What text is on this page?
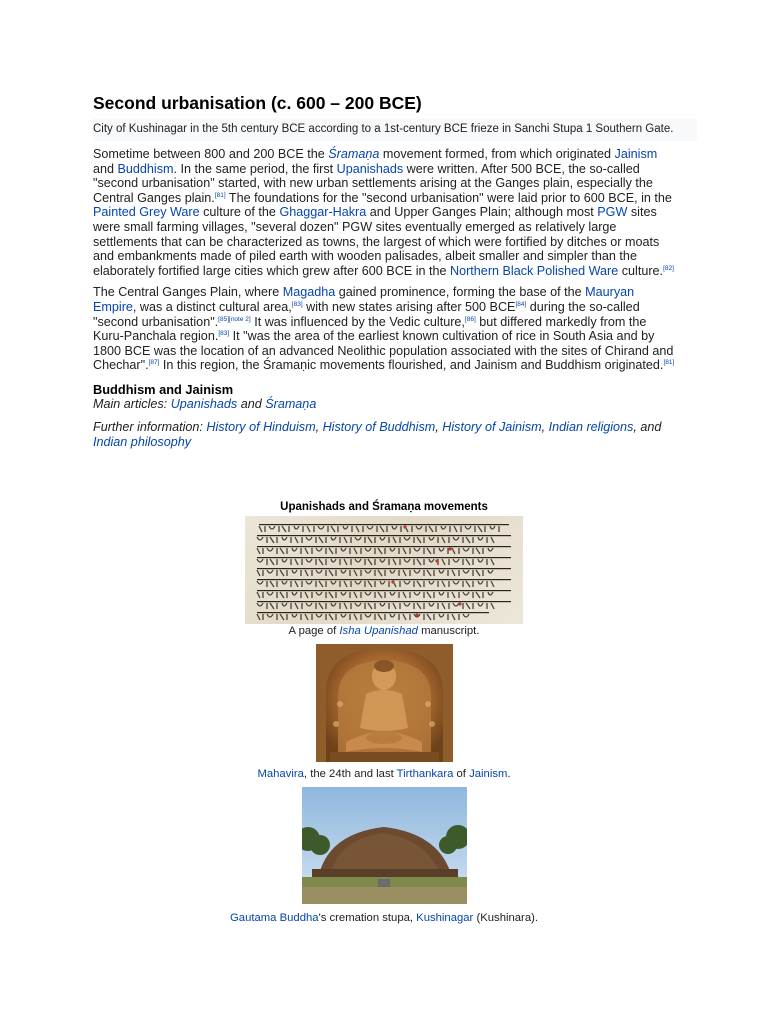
Second urbanisation (c. 600 – 200 BCE)
City of Kushinagar in the 5th century BCE according to a 1st-century BCE frieze in Sanchi Stupa 1 Southern Gate.

Sometime between 800 and 200 BCE the Śramaṇa movement formed, from which originated Jainism and Buddhism. In the same period, the first Upanishads were written. After 500 BCE, the so-called "second urbanisation" started, with new urban settlements arising at the Ganges plain, especially the Central Ganges plain.[81] The foundations for the "second urbanisation" were laid prior to 600 BCE, in the Painted Grey Ware culture of the Ghaggar-Hakra and Upper Ganges Plain; although most PGW sites were small farming villages, "several dozen" PGW sites eventually emerged as relatively large settlements that can be characterized as towns, the largest of which were fortified by ditches or moats and embankments made of piled earth with wooden palisades, albeit smaller and simpler than the elaborately fortified large cities which grew after 600 BCE in the Northern Black Polished Ware culture.[82]

The Central Ganges Plain, where Magadha gained prominence, forming the base of the Mauryan Empire, was a distinct cultural area,[83] with new states arising after 500 BCE[84] during the so-called "second urbanisation".[85][note 2] It was influenced by the Vedic culture,[86] but differed markedly from the Kuru-Panchala region.[83] It "was the area of the earliest known cultivation of rice in South Asia and by 1800 BCE was the location of an advanced Neolithic population associated with the sites of Chirand and Chechar".[87] In this region, the Śramaṇic movements flourished, and Jainism and Buddhism originated.[81]

Buddhism and Jainism
Main articles: Upanishads and Śramaṇa
Further information: History of Hinduism, History of Buddhism, History of Jainism, Indian religions, and Indian philosophy
Upanishads and Śramaṇa movements
A page of Isha Upanishad manuscript.
Mahavira, the 24th and last Tirthankara of Jainism.
Gautama Buddha's cremation stupa, Kushinagar (Kushinara).
